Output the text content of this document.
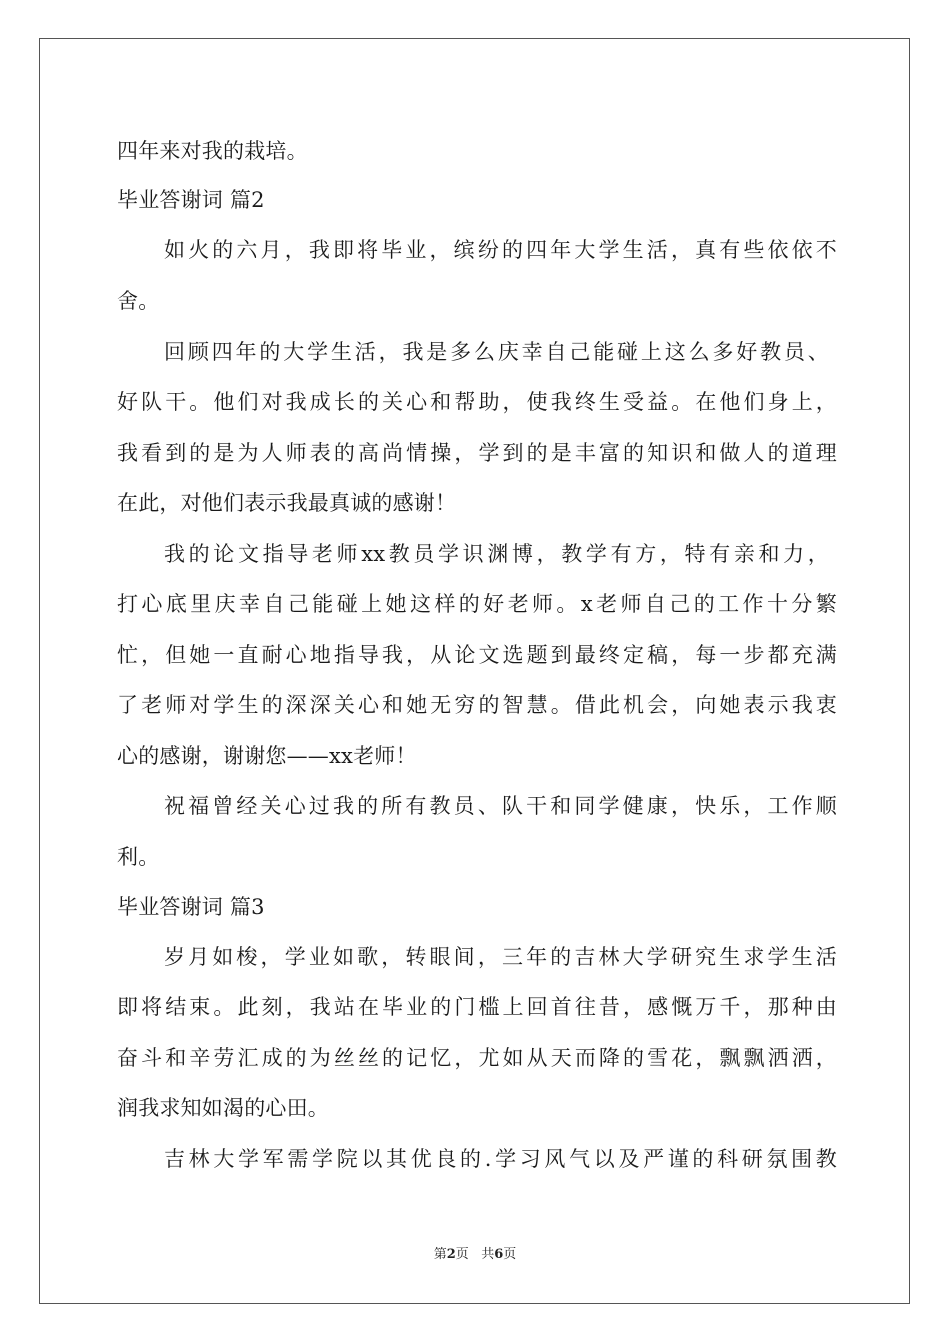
四年来对我的栽培。
毕业答谢词 篇2
如火的六月，我即将毕业，缤纷的四年大学生活，真有些依依不
舍。
回顾四年的大学生活，我是多么庆幸自己能碰上这么多好教员、
好队干。他们对我成长的关心和帮助，使我终生受益。在他们身上，
我看到的是为人师表的高尚情操，学到的是丰富的知识和做人的道理
在此，对他们表示我最真诚的感谢！
我的论文指导老师xx教员学识渊博，教学有方，特有亲和力，
打心底里庆幸自己能碰上她这样的好老师。x老师自己的工作十分繁
忙，但她一直耐心地指导我，从论文选题到最终定稿，每一步都充满
了老师对学生的深深关心和她无穷的智慧。借此机会，向她表示我衷
心的感谢，谢谢您——xx老师！
祝福曾经关心过我的所有教员、队干和同学健康，快乐，工作顺
利。
毕业答谢词 篇3
岁月如梭，学业如歌，转眼间，三年的吉林大学研究生求学生活
即将结束。此刻，我站在毕业的门槛上回首往昔，感慨万千，那种由
奋斗和辛劳汇成的为丝丝的记忆，尤如从天而降的雪花，飘飘洒洒，
润我求知如渴的心田。
吉林大学军需学院以其优良的.学习风气以及严谨的科研氛围教
第2页 共6页
